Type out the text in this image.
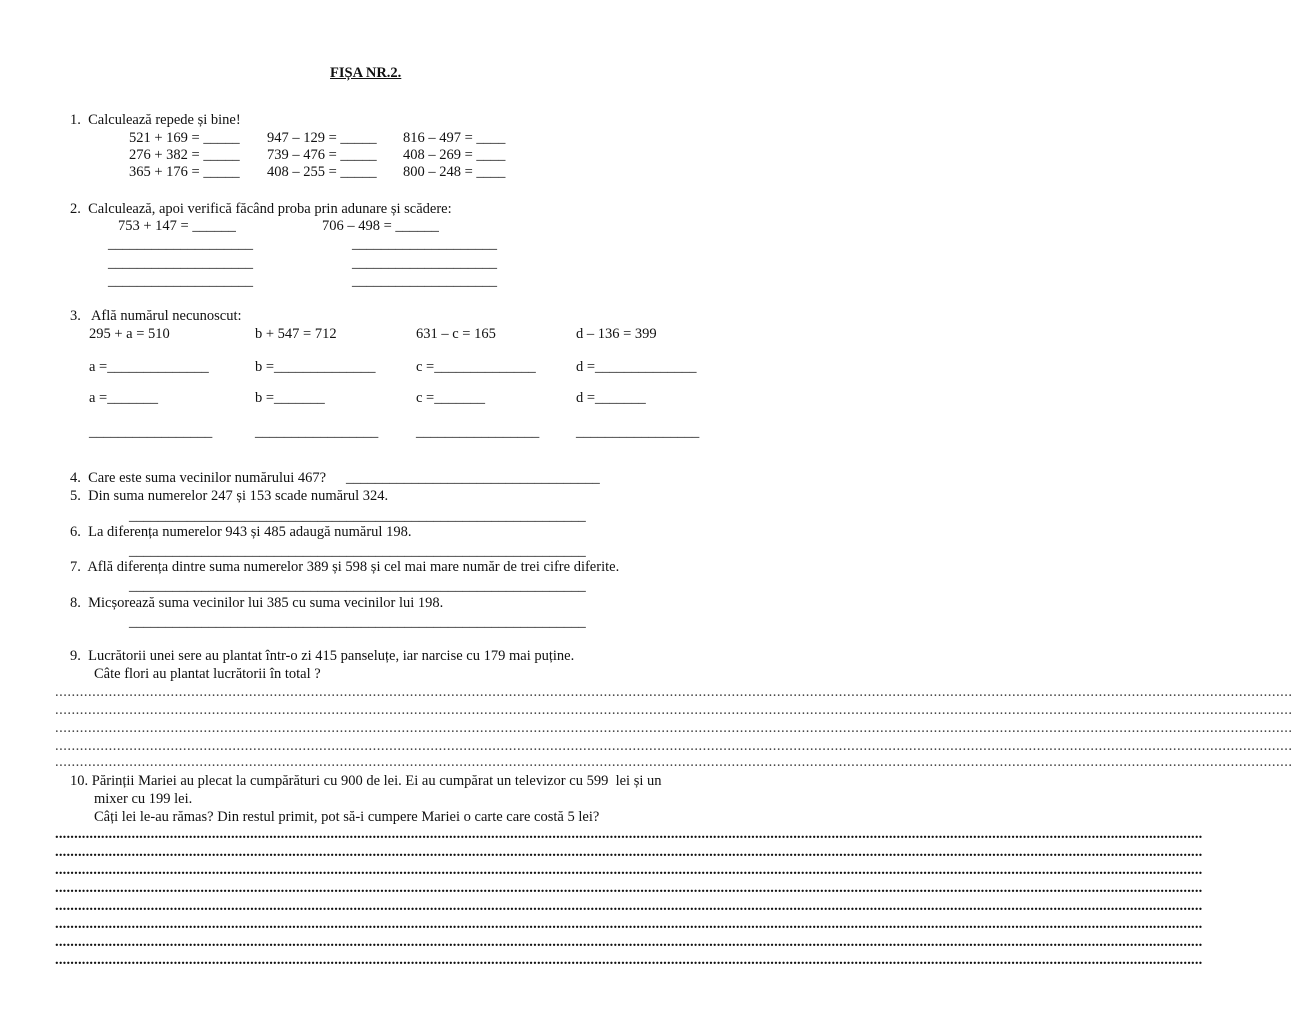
FIȘA NR.2.
1.  Calculează repede și bine!
521 + 169 = _____ 947 – 129 = _____ 816 – 497 = ____
276 + 382 = _____ 739 – 476 = _____ 408 – 269 = ____
365 + 176 = _____ 408 – 255 = _____ 800 – 248 = ____
2.  Calculează, apoi verifică făcând proba prin adunare și scădere:
753 + 147 = ______	706 – 498 = ______
____________________
____________________
____________________
____________________
____________________
____________________
3.   Află numărul necunoscut:
295 + a = 510	b + 547 = 712	631 – c = 165	d – 136 = 399
a =______________	b =______________	c =______________	d =______________
a =_______	b =_______	c =_______	d =_______
_________________	_________________	_________________	_________________
4.  Care este suma vecinilor numărului 467? ___________________________________
5.  Din suma numerelor 247 și 153 scade numărul 324.
_______________________________________________________________
6.  La diferența numerelor 943 și 485 adaugă numărul 198.
_______________________________________________________________
7.  Află diferența dintre suma numerelor 389 și 598 și cel mai mare număr de trei cifre diferite.
_______________________________________________________________
8.  Micșorează suma vecinilor lui 385 cu suma vecinilor lui 198.
_______________________________________________________________
9.  Lucrătorii unei sere au plantat într-o zi 415 panseluțe, iar narcise cu 179 mai puține.
Câte flori au plantat lucrătorii în total ?
............................................................................................................................................................................................................................................................................................................
............................................................................................................................................................................................................................................................................................................
............................................................................................................................................................................................................................................................................................................
............................................................................................................................................................................................................................................................................................................
............................................................................................................................................................................................................................................................................................................
10. Părinții Mariei au plecat la cumpărături cu 900 de lei. Ei au cumpărat un televizor cu 599  lei și un
mixer cu 199 lei.
Câți lei le-au rămas? Din restul primit, pot să-i cumpere Mariei o carte care costă 5 lei?
............................................................................................................................................................................................................................................................................................................
............................................................................................................................................................................................................................................................................................................
............................................................................................................................................................................................................................................................................................................
............................................................................................................................................................................................................................................................................................................
............................................................................................................................................................................................................................................................................................................
............................................................................................................................................................................................................................................................................................................
............................................................................................................................................................................................................................................................................................................
............................................................................................................................................................................................................................................................................................................
